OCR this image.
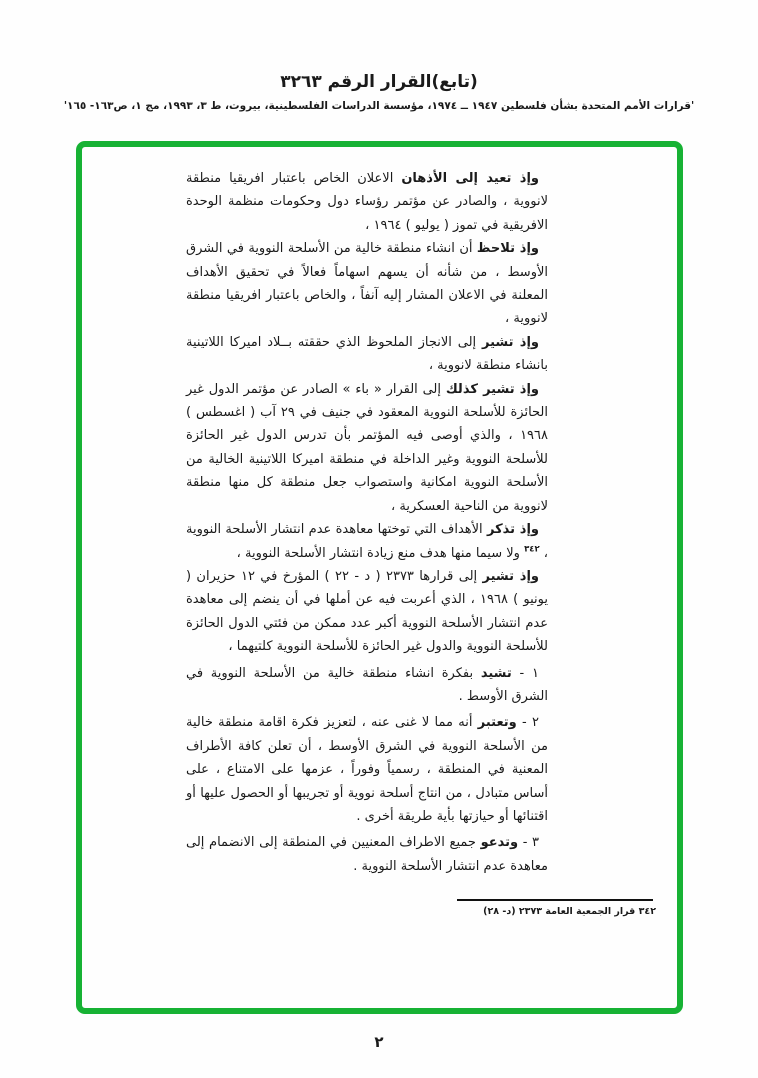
(تابع)القرار الرقم ٣٢٦٣
'قرارات الأمم المتحدة بشأن فلسطين ١٩٤٧ ــ ١٩٧٤، مؤسسة الدراسات الفلسطينية، بيروت، ط ٣، ١٩٩٣، مج ١، ص١٦٣- ١٦٥'

وإذ تعيد إلى الأذهان الاعلان الخاص باعتبار افريقيا منطقة لانووية ، والصادر عن مؤتمر رؤساء دول وحكومات منظمة الوحدة الافريقية في تموز ( يوليو ) ١٩٦٤ ،

وإذ تلاحظ أن انشاء منطقة خالية من الأسلحة النووية في الشرق الأوسط ، من شأنه أن يسهم اسهاماً فعالاً في تحقيق الأهداف المعلنة في الاعلان المشار إليه آنفاً ، والخاص باعتبار افريقيا منطقة لانووية ،

وإذ تشير إلى الانجاز الملحوظ الذي حققته بــلاد اميركا اللاتينية بانشاء منطقة لانووية ،

وإذ تشير كذلك إلى القرار « باء » الصادر عن مؤتمر الدول غير الحائزة للأسلحة النووية المعقود في جنيف في ٢٩ آب ( اغسطس ) ١٩٦٨ ، والذي أوصى فيه المؤتمر بأن تدرس الدول غير الحائزة للأسلحة النووية وغير الداخلة في منطقة اميركا اللاتينية الخالية من الأسلحة النووية امكانية واستصواب جعل منطقة كل منها منطقة لانووية من الناحية العسكرية ،

وإذ تذكر الأهداف التي توختها معاهدة عدم انتشار الأسلحة النووية ، $^{٣٤٢}$ ولا سيما منها هدف منع زيادة انتشار الأسلحة النووية ،

وإذ تشير إلى قرارها ٢٣٧٣ ( د - ٢٢ ) المؤرخ في ١٢ حزيران ( يونيو ) ١٩٦٨ ، الذي أعربت فيه عن أملها في أن ينضم إلى معاهدة عدم انتشار الأسلحة النووية أكبر عدد ممكن من فئتي الدول الحائزة للأسلحة النووية والدول غير الحائزة للأسلحة النووية كلتيهما ،

١ - تشيد بفكرة انشاء منطقة خالية من الأسلحة النووية في الشرق الأوسط .

٢ - وتعتبر أنه مما لا غنى عنه ، لتعزيز فكرة اقامة منطقة خالية من الأسلحة النووية في الشرق الأوسط ، أن تعلن كافة الأطراف المعنية في المنطقة ، رسمياً وفوراً ، عزمها على الامتناع ، على أساس متبادل ، من انتاج أسلحة نووية أو تجريبها أو الحصول عليها أو اقتنائها أو حيازتها بأية طريقة أخرى .

٣ - وتدعو جميع الاطراف المعنيين في المنطقة إلى الانضمام إلى معاهدة عدم انتشار الأسلحة النووية .

٣٤٢ قرار الجمعية العامة ٢٣٧٣ (د- ٢٨)
٢
